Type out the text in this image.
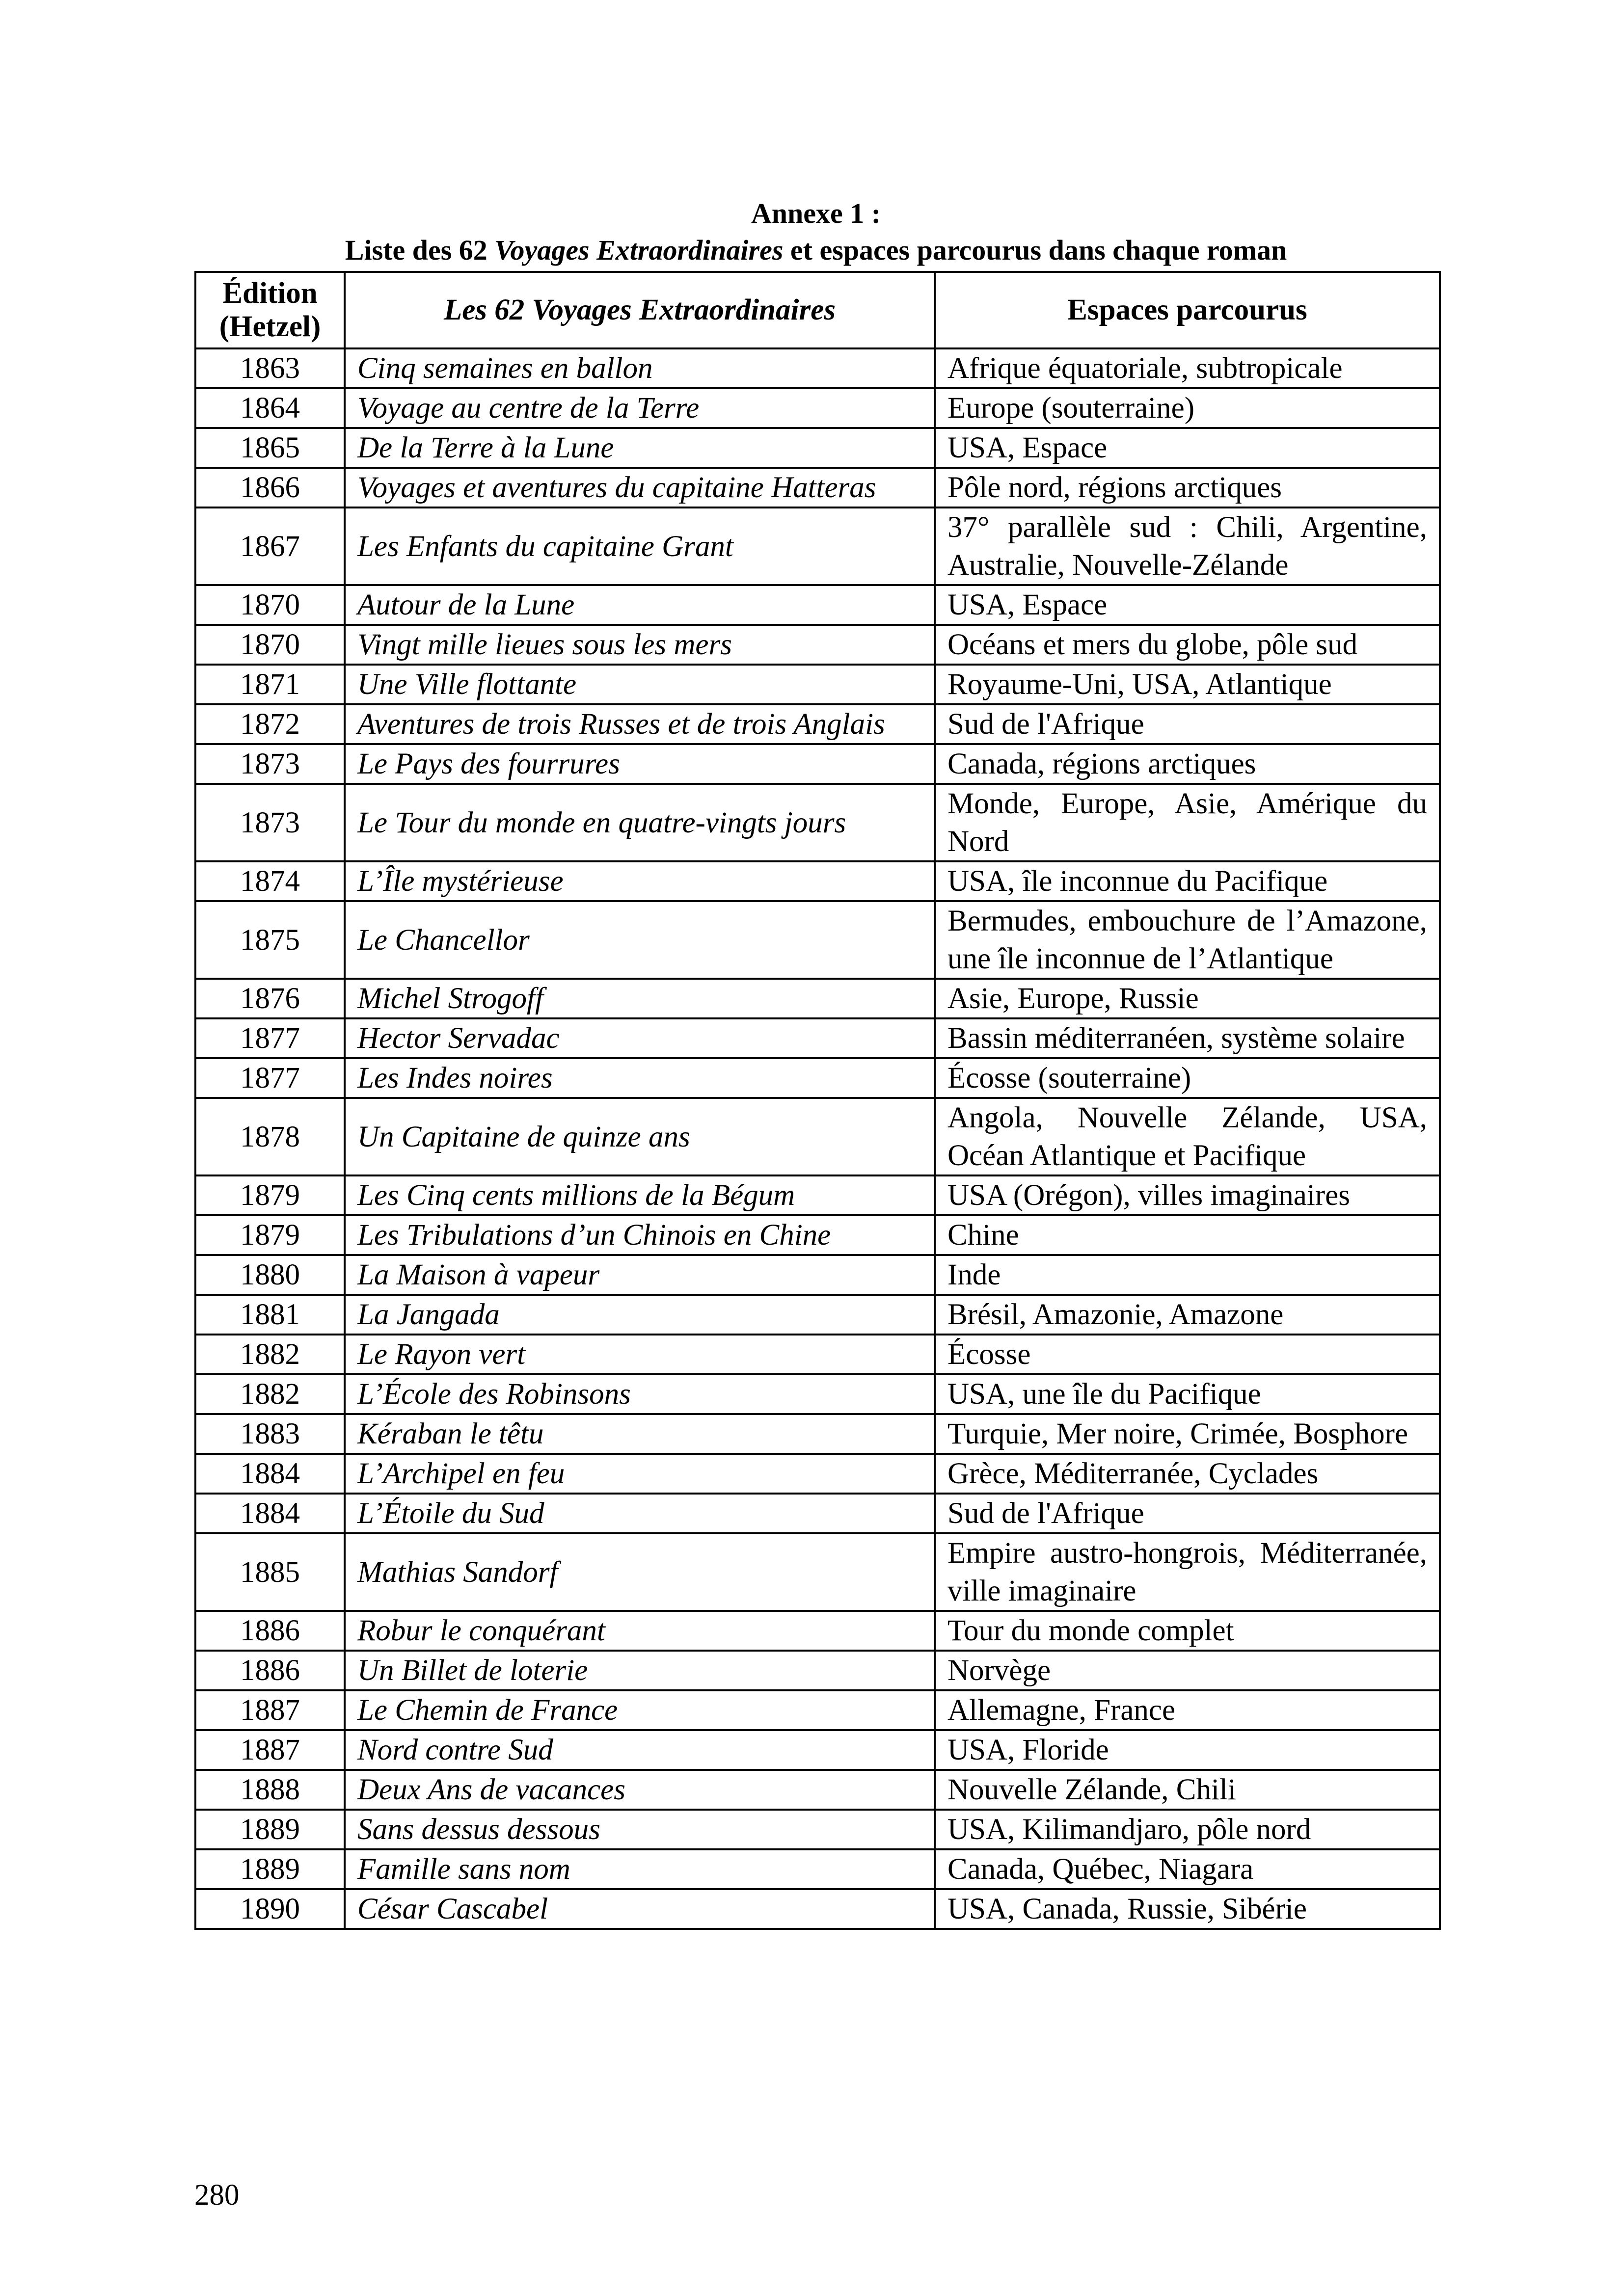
Annexe 1 :
Liste des 62 Voyages Extraordinaires et espaces parcourus dans chaque roman
Édition (Hetzel)	Les 62 Voyages Extraordinaires	Espaces parcourus
1863	Cinq semaines en ballon	Afrique équatoriale, subtropicale
1864	Voyage au centre de la Terre	Europe (souterraine)
1865	De la Terre à la Lune	USA, Espace
1866	Voyages et aventures du capitaine Hatteras	Pôle nord, régions arctiques
1867	Les Enfants du capitaine Grant	37° parallèle sud : Chili, Argentine, Australie, Nouvelle-Zélande
1870	Autour de la Lune	USA, Espace
1870	Vingt mille lieues sous les mers	Océans et mers du globe, pôle sud
1871	Une Ville flottante	Royaume-Uni, USA, Atlantique
1872	Aventures de trois Russes et de trois Anglais	Sud de l'Afrique
1873	Le Pays des fourrures	Canada, régions arctiques
1873	Le Tour du monde en quatre-vingts jours	Monde, Europe, Asie, Amérique du Nord
1874	L’Île mystérieuse	USA, île inconnue du Pacifique
1875	Le Chancellor	Bermudes, embouchure de l’Amazone, une île inconnue de l’Atlantique
1876	Michel Strogoff	Asie, Europe, Russie
1877	Hector Servadac	Bassin méditerranéen, système solaire
1877	Les Indes noires	Écosse (souterraine)
1878	Un Capitaine de quinze ans	Angola, Nouvelle Zélande, USA, Océan Atlantique et Pacifique
1879	Les Cinq cents millions de la Bégum	USA (Orégon), villes imaginaires
1879	Les Tribulations d’un Chinois en Chine	Chine
1880	La Maison à vapeur	Inde
1881	La Jangada	Brésil, Amazonie, Amazone
1882	Le Rayon vert	Écosse
1882	L’École des Robinsons	USA, une île du Pacifique
1883	Kéraban le têtu	Turquie, Mer noire, Crimée, Bosphore
1884	L’Archipel en feu	Grèce, Méditerranée, Cyclades
1884	L’Étoile du Sud	Sud de l'Afrique
1885	Mathias Sandorf	Empire austro-hongrois, Méditerranée, ville imaginaire
1886	Robur le conquérant	Tour du monde complet
1886	Un Billet de loterie	Norvège
1887	Le Chemin de France	Allemagne, France
1887	Nord contre Sud	USA, Floride
1888	Deux Ans de vacances	Nouvelle Zélande, Chili
1889	Sans dessus dessous	USA, Kilimandjaro, pôle nord
1889	Famille sans nom	Canada, Québec, Niagara
1890	César Cascabel	USA, Canada, Russie, Sibérie
280
